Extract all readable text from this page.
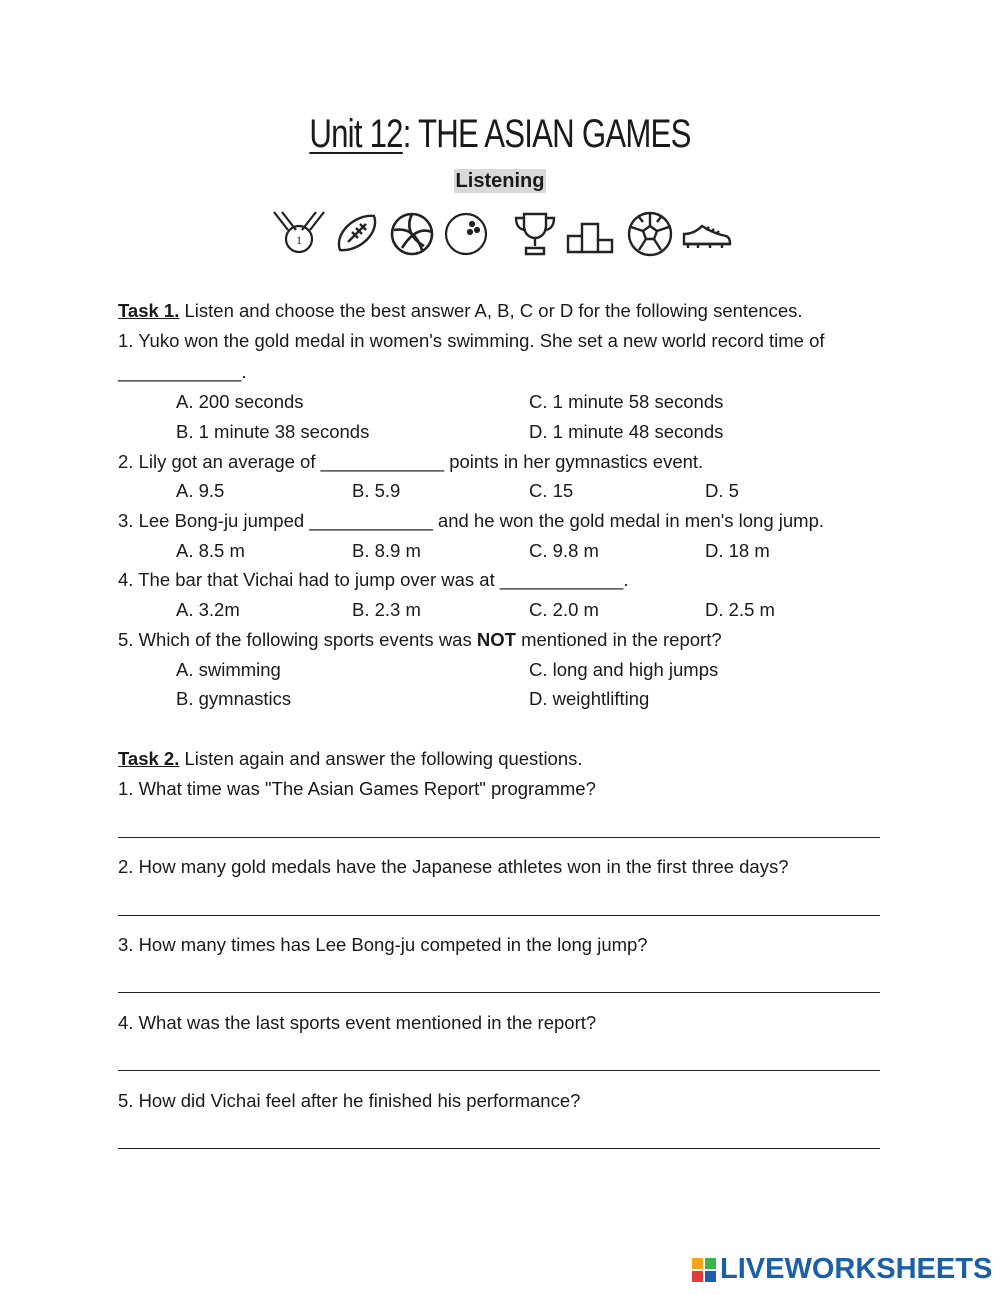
Unit 12: THE ASIAN GAMES
Listening
1
Task 1. Listen and choose the best answer A, B, C or D for the following sentences.
1. Yuko won the gold medal in women's swimming. She set a new world record time of
____________.
A. 200 seconds	C. 1 minute 58 seconds
B. 1 minute 38 seconds	D. 1 minute 48 seconds
2. Lily got an average of ____________ points in her gymnastics event.
A. 9.5	B. 5.9	C. 15	D. 5
3. Lee Bong-ju jumped ____________ and he won the gold medal in men's long jump.
A. 8.5 m	B. 8.9 m	C. 9.8 m	D. 18 m
4. The bar that Vichai had to jump over was at ____________.
A. 3.2m	B. 2.3 m	C. 2.0 m	D. 2.5 m
5. Which of the following sports events was NOT mentioned in the report?
A. swimming	C. long and high jumps
B. gymnastics	D. weightlifting
Task 2. Listen again and answer the following questions.
1. What time was "The Asian Games Report" programme?
2. How many gold medals have the Japanese athletes won in the first three days?
3. How many times has Lee Bong-ju competed in the long jump?
4. What was the last sports event mentioned in the report?
5. How did Vichai feel after he finished his performance?
LIVEWORKSHEETS
